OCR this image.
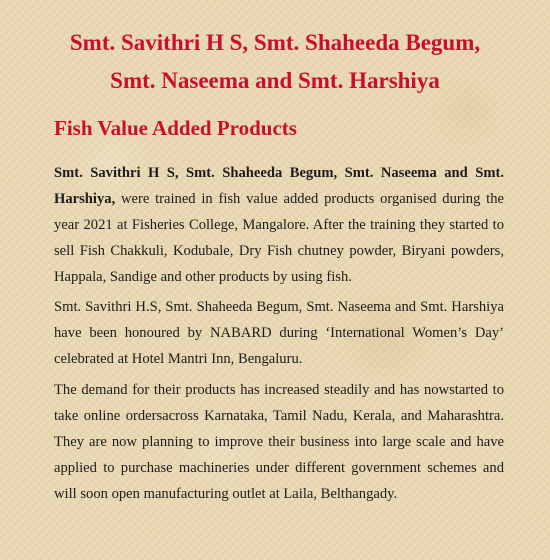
Smt. Savithri H S, Smt. Shaheeda Begum,
Smt. Naseema and Smt. Harshiya
Fish Value Added Products

Smt. Savithri H S, Smt. Shaheeda Begum, Smt. Naseema and Smt. Harshiya, were trained in fish value added products organised during the year 2021 at Fisheries College, Mangalore. After the training they started to sell Fish Chakkuli, Kodubale, Dry Fish chutney powder, Biryani powders, Happala, Sandige and other products by using fish.

Smt. Savithri H.S, Smt. Shaheeda Begum, Smt. Naseema and Smt. Harshiya have been honoured by NABARD during ‘International Women’s Day’ celebrated at Hotel Mantri Inn, Bengaluru.

The demand for their products has increased steadily and has nowstarted to take online ordersacross Karnataka, Tamil Nadu, Kerala, and Maharashtra. They are now planning to improve their business into large scale and have applied to purchase machineries under different government schemes and will soon open manufacturing outlet at Laila, Belthangady.
